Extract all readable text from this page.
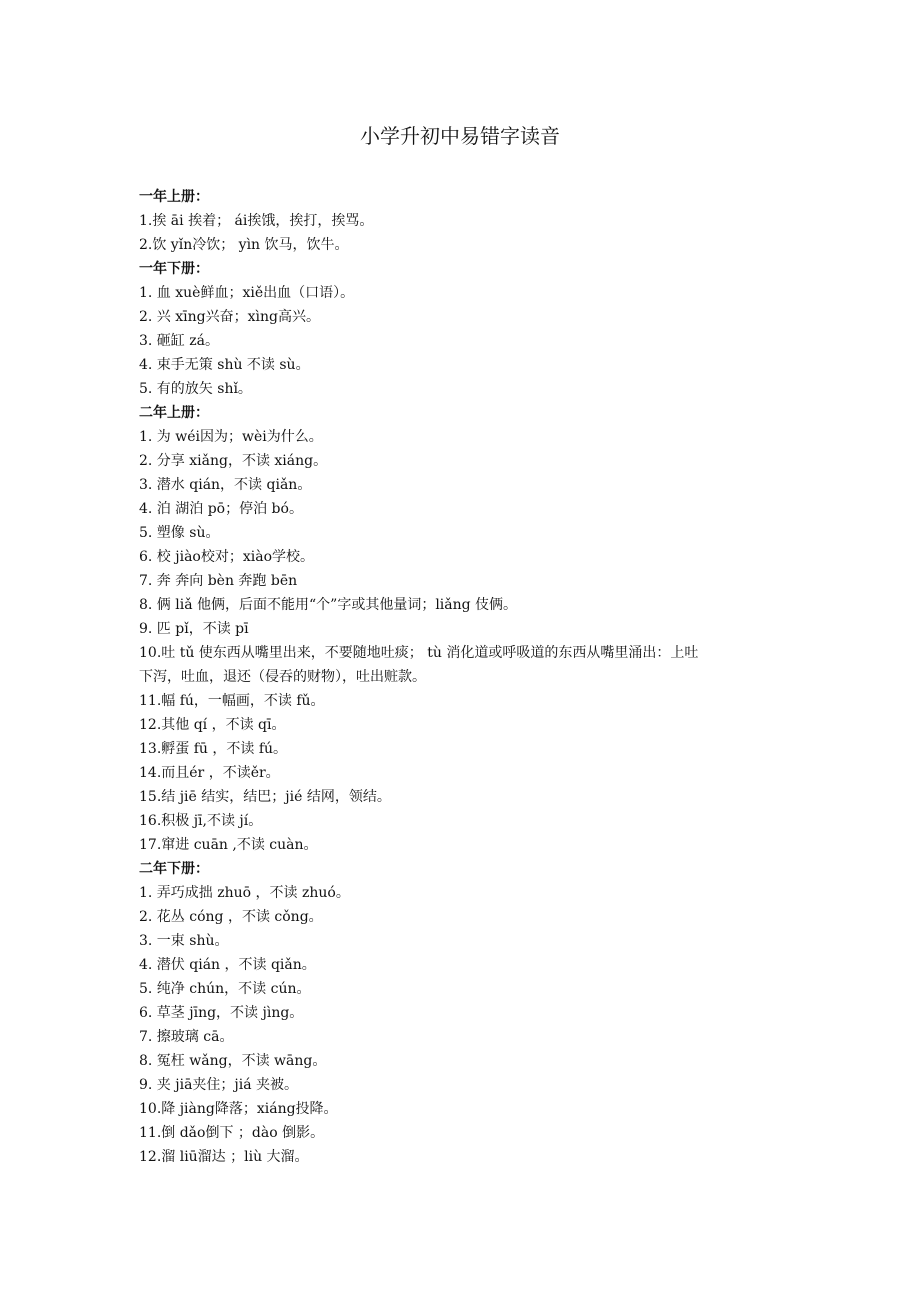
小学升初中易错字读音
一年上册：
1.挨 āi 挨着； ái挨饿，挨打，挨骂。
2.饮 yǐn冷饮； yìn 饮马，饮牛。
一年下册：
1. 血 xuè鲜血；xiě出血（口语）。
2. 兴 xīng兴奋；xìng高兴。
3. 砸缸 zá。
4. 束手无策 shù 不读 sù。
5. 有的放矢 shǐ。
二年上册：
1. 为 wéi因为；wèi为什么。
2. 分享 xiǎng，不读 xiáng。
3. 潜水 qián，不读 qiǎn。
4. 泊 湖泊 pō；停泊 bó。
5. 塑像 sù。
6. 校 jiào校对；xiào学校。
7. 奔 奔向 bèn 奔跑 bēn
8. 俩 liǎ 他俩，后面不能用“个”字或其他量词；liǎng 伎俩。
9. 匹 pǐ，不读 pī
10.吐 tǔ 使东西从嘴里出来，不要随地吐痰； tù 消化道或呼吸道的东西从嘴里涌出：上吐
下泻，吐血，退还（侵吞的财物），吐出赃款。
11.幅 fú，一幅画，不读 fǔ。
12.其他 qí ，不读 qī。
13.孵蛋 fū ，不读 fú。
14.而且ér ，不读ěr。
15.结 jiē 结实，结巴；jié 结网，领结。
16.积极 jī,不读 jí。
17.窜进 cuān ,不读 cuàn。
二年下册：
1. 弄巧成拙 zhuō ，不读 zhuó。
2. 花丛 cóng ，不读 cǒng。
3. 一束 shù。
4. 潜伏 qián ，不读 qiǎn。
5. 纯净 chún，不读 cún。
6. 草茎 jīng，不读 jìng。
7. 擦玻璃 cā。
8. 冤枉 wǎng，不读 wāng。
9. 夹 jiā夹住；jiá 夹被。
10.降 jiàng降落；xiáng投降。
11.倒 dǎo倒下 ；dào 倒影。
12.溜 liū溜达 ；liù 大溜。
